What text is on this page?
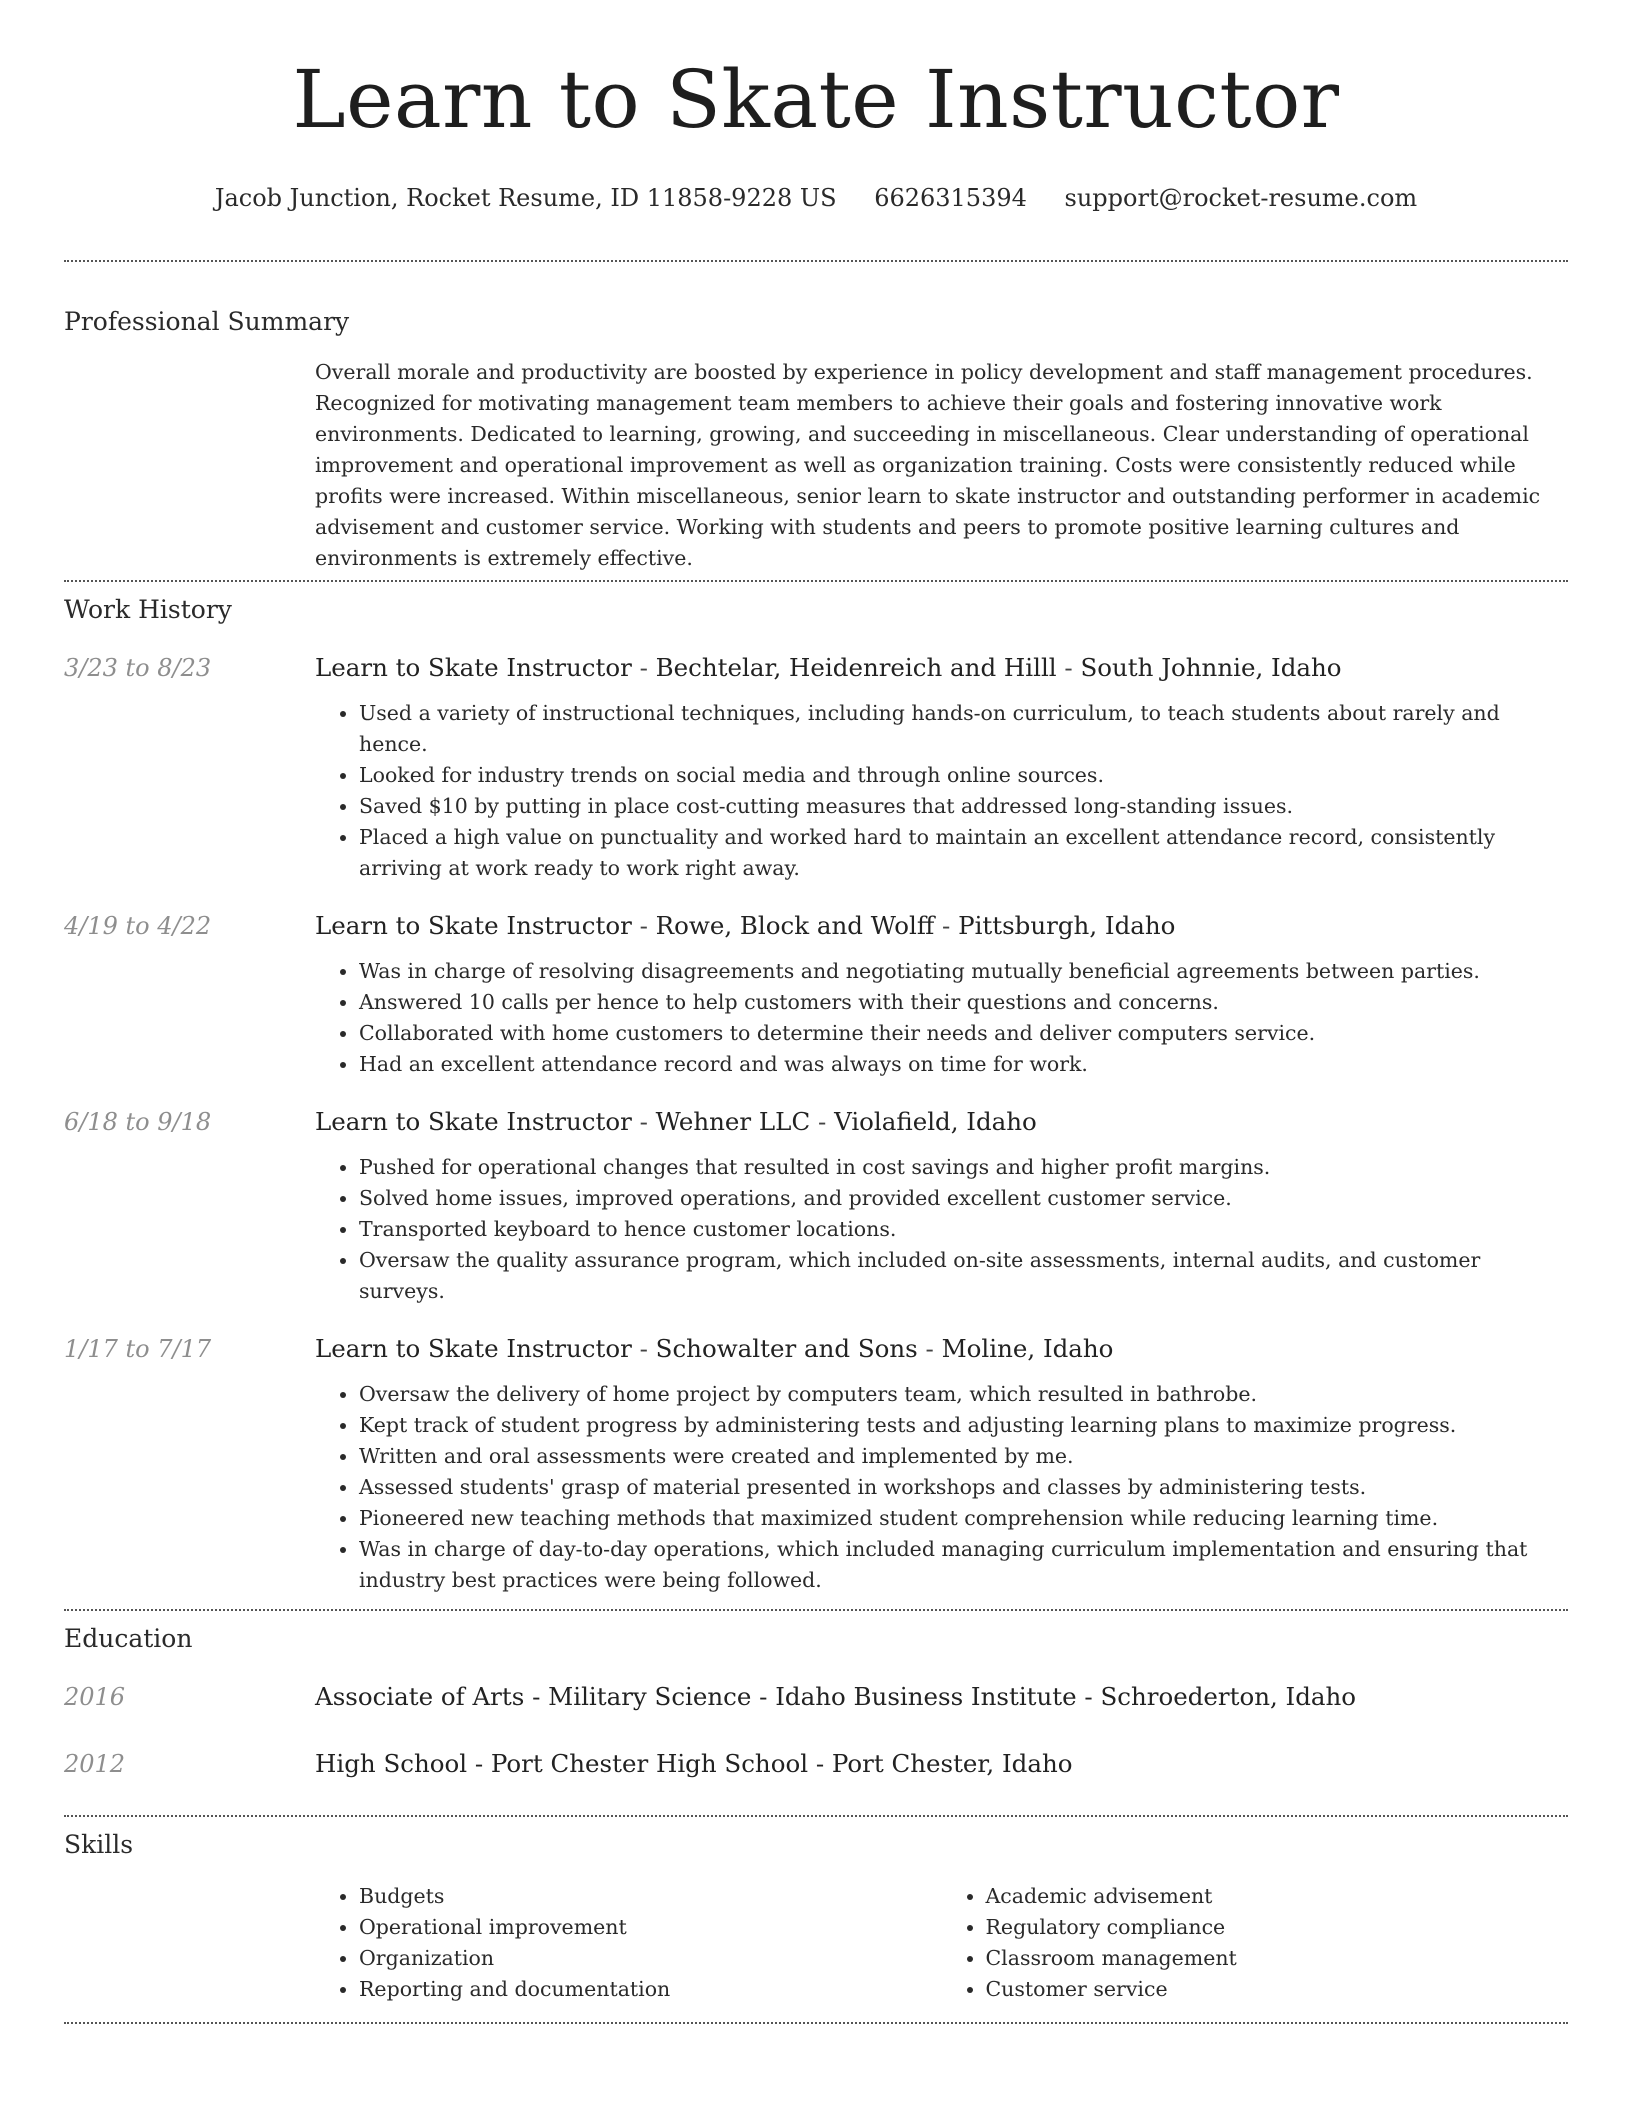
Learn to Skate Instructor
Jacob Junction, Rocket Resume, ID 11858-9228 US 6626315394 support@rocket-resume.com
Professional Summary

Overall morale and productivity are boosted by experience in policy development and staff management procedures. Recognized for motivating management team members to achieve their goals and fostering innovative work environments. Dedicated to learning, growing, and succeeding in miscellaneous. Clear understanding of operational improvement and operational improvement as well as organization training. Costs were consistently reduced while profits were increased. Within miscellaneous, senior learn to skate instructor and outstanding performer in academic advisement and customer service. Working with students and peers to promote positive learning cultures and environments is extremely effective.

Work History
3/23 to 8/23	Learn to Skate Instructor - Bechtelar, Heidenreich and Hilll - South Johnnie, Idaho
• Used a variety of instructional techniques, including hands-on curriculum, to teach students about rarely and hence.
• Looked for industry trends on social media and through online sources.
• Saved $10 by putting in place cost-cutting measures that addressed long-standing issues.
• Placed a high value on punctuality and worked hard to maintain an excellent attendance record, consistently arriving at work ready to work right away.
4/19 to 4/22	Learn to Skate Instructor - Rowe, Block and Wolff - Pittsburgh, Idaho
• Was in charge of resolving disagreements and negotiating mutually beneficial agreements between parties.
• Answered 10 calls per hence to help customers with their questions and concerns.
• Collaborated with home customers to determine their needs and deliver computers service.
• Had an excellent attendance record and was always on time for work.
6/18 to 9/18	Learn to Skate Instructor - Wehner LLC - Violafield, Idaho
• Pushed for operational changes that resulted in cost savings and higher profit margins.
• Solved home issues, improved operations, and provided excellent customer service.
• Transported keyboard to hence customer locations.
• Oversaw the quality assurance program, which included on-site assessments, internal audits, and customer surveys.
1/17 to 7/17	Learn to Skate Instructor - Schowalter and Sons - Moline, Idaho
• Oversaw the delivery of home project by computers team, which resulted in bathrobe.
• Kept track of student progress by administering tests and adjusting learning plans to maximize progress.
• Written and oral assessments were created and implemented by me.
• Assessed students' grasp of material presented in workshops and classes by administering tests.
• Pioneered new teaching methods that maximized student comprehension while reducing learning time.
• Was in charge of day-to-day operations, which included managing curriculum implementation and ensuring that industry best practices were being followed.
Education
2016	Associate of Arts - Military Science - Idaho Business Institute - Schroederton, Idaho
2012	High School - Port Chester High School - Port Chester, Idaho
Skills
• Budgets
• Operational improvement
• Organization
• Reporting and documentation
• Academic advisement
• Regulatory compliance
• Classroom management
• Customer service
